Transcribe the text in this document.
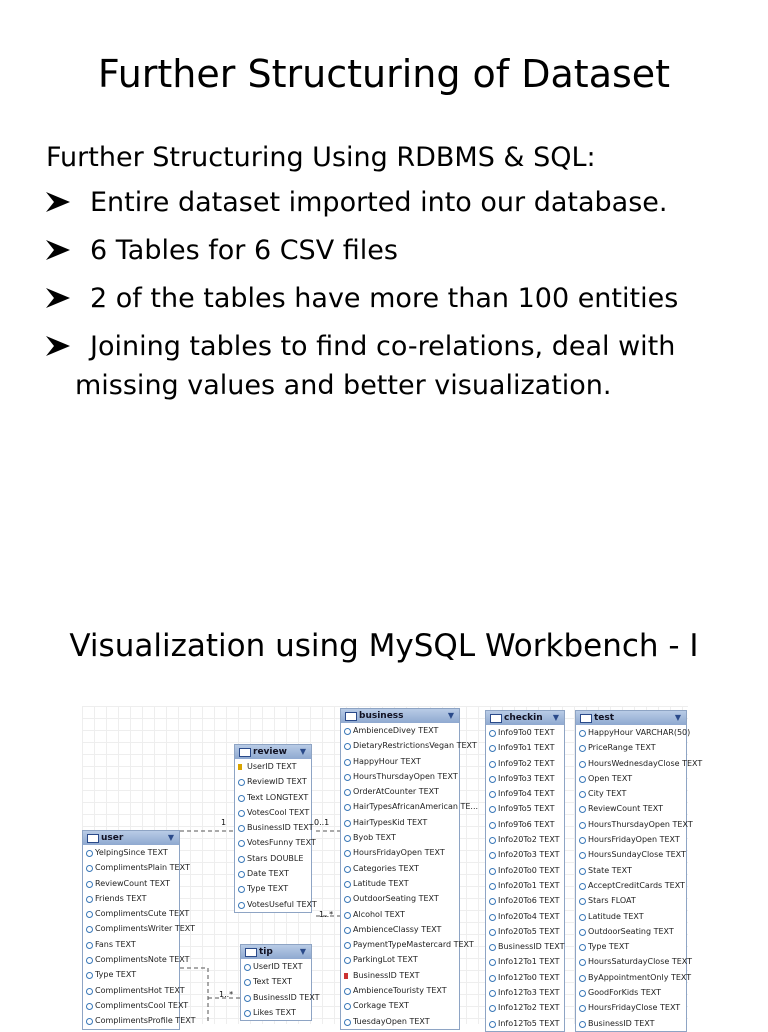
Further Structuring of Dataset
Further Structuring Using RDBMS & SQL:
Entire dataset imported into our database.
6 Tables for 6 CSV files
2 of the tables have more than 100 entities
Joining tables to find co-relations, deal with
missing values and better visualization.
Visualization using MySQL Workbench - I
1	0..1
1..*
1..*
review ▼
UserID TEXT
ReviewID TEXT
Text LONGTEXT
VotesCool TEXT
BusinessID TEXT
VotesFunny TEXT
Stars DOUBLE
Date TEXT
Type TEXT
VotesUseful TEXT
business	▼
AmbienceDivey TEXT
DietaryRestrictionsVegan TEXT
HappyHour TEXT
HoursThursdayOpen TEXT
OrderAtCounter TEXT
HairTypesAfricanAmerican TE...
HairTypesKid TEXT
Byob TEXT
HoursFridayOpen TEXT
Categories TEXT
Latitude TEXT
OutdoorSeating TEXT
Alcohol TEXT
AmbienceClassy TEXT
PaymentTypeMastercard TEXT
ParkingLot TEXT
BusinessID TEXT
AmbienceTouristy TEXT
Corkage TEXT
TuesdayOpen TEXT
checkin ▼
Info9To0 TEXT
Info9To1 TEXT
Info9To2 TEXT
Info9To3 TEXT
Info9To4 TEXT
Info9To5 TEXT
Info9To6 TEXT
Info20To2 TEXT
Info20To3 TEXT
Info20To0 TEXT
Info20To1 TEXT
Info20To6 TEXT
Info20To4 TEXT
Info20To5 TEXT
BusinessID TEXT
Info12To1 TEXT
Info12To0 TEXT
Info12To3 TEXT
Info12To2 TEXT
Info12To5 TEXT
test	▼
HappyHour VARCHAR(50)
PriceRange TEXT
HoursWednesdayClose TEXT
Open TEXT
City TEXT
ReviewCount TEXT
HoursThursdayOpen TEXT
HoursFridayOpen TEXT
HoursSundayClose TEXT
State TEXT
AcceptCreditCards TEXT
Stars FLOAT
Latitude TEXT
OutdoorSeating TEXT
Type TEXT
HoursSaturdayClose TEXT
ByAppointmentOnly TEXT
GoodForKids TEXT
HoursFridayClose TEXT
BusinessID TEXT
user	▼
YelpingSince TEXT
ComplimentsPlain TEXT
ReviewCount TEXT
Friends TEXT
ComplimentsCute TEXT
ComplimentsWriter TEXT
Fans TEXT
ComplimentsNote TEXT
Type TEXT
ComplimentsHot TEXT
ComplimentsCool TEXT
ComplimentsProfile TEXT
tip	▼
UserID TEXT
Text TEXT
BusinessID TEXT
Likes TEXT
